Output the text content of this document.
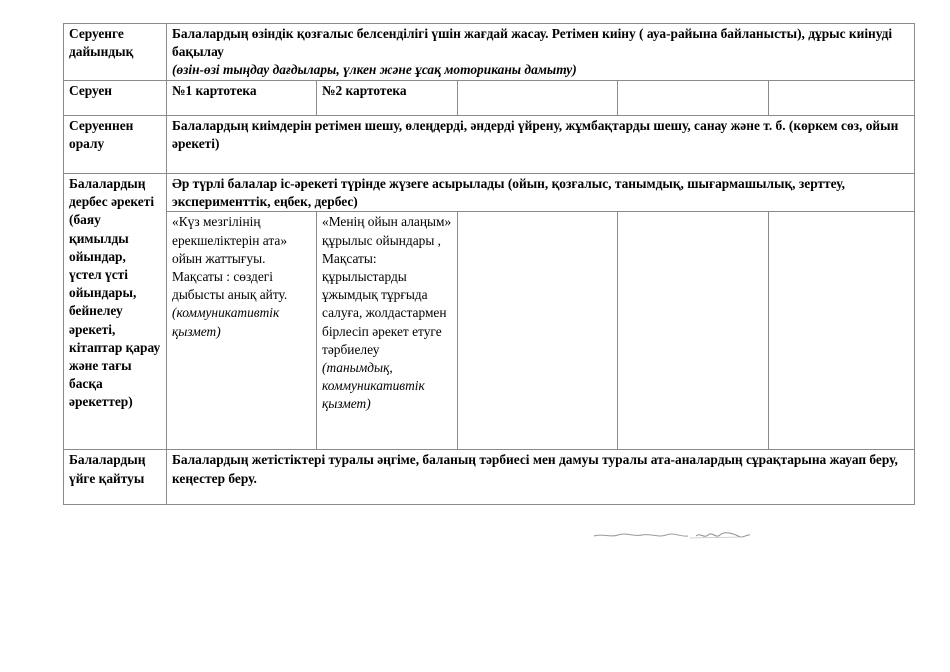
Серуенге дайындық	Балалардың өзіндік қозғалыс белсенділігі үшін жағдай жасау. Ретімен киіну ( ауа-райына байланысты), дұрыс киінуді бақылау
(өзін-өзі тыңдау дағдылары, үлкен және ұсақ моториканы дамыту)				
Серуен	№1 картотека	№2 картотека			
Серуеннен оралу	Балалардың киімдерін ретімен шешу, өлеңдерді, әндерді үйрену, жұмбақтарды шешу, санау және т. б. (көркем сөз, ойын әрекеті)				
Балалардың дербес әрекеті (баяу қимылды ойындар, үстел үсті ойындары, бейнелеу әрекеті, кітаптар қарау және тағы басқа әрекеттер)	Әр түрлі балалар іс-әрекеті түрінде жүзеге асырылады (ойын, қозғалыс, танымдық, шығармашылық, зерттеу, эксперименттік, еңбек, дербес)				
	«Күз мезгілінің ерекшеліктерін ата» ойын жаттығуы. Мақсаты : сөздегі дыбысты анық айту. (коммуникативтік қызмет)	«Менің ойын алаңым» құрылыс ойындары , Мақсаты: құрылыстарды ұжымдық тұрғыда салуға, жолдастармен бірлесіп әрекет етуге тәрбиелеу (танымдық, коммуникативтік қызмет)			
Балалардың үйге қайтуы	Балалардың жетістіктері туралы әңгіме, баланың тәрбиесі мен дамуы туралы ата-аналардың сұрақтарына жауап беру, кеңестер беру.				
